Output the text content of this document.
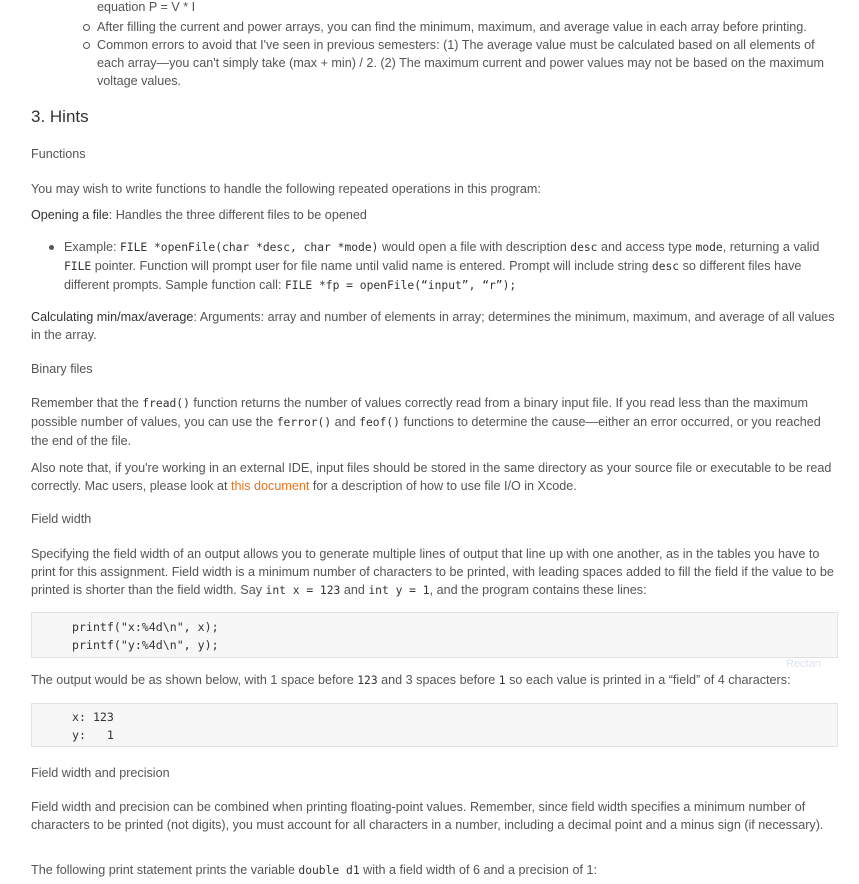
equation P = V * I
After filling the current and power arrays, you can find the minimum, maximum, and average value in each array before printing.
Common errors to avoid that I've seen in previous semesters: (1) The average value must be calculated based on all elements of each array—you can't simply take (max + min) / 2. (2) The maximum current and power values may not be based on the maximum voltage values.
3. Hints
Functions
You may wish to write functions to handle the following repeated operations in this program:
Opening a file: Handles the three different files to be opened
Example: FILE *openFile(char *desc, char *mode) would open a file with description desc and access type mode, returning a valid FILE pointer. Function will prompt user for file name until valid name is entered. Prompt will include string desc so different files have different prompts. Sample function call: FILE *fp = openFile(“input”, “r”);
Calculating min/max/average: Arguments: array and number of elements in array; determines the minimum, maximum, and average of all values in the array.
Binary files
Remember that the fread() function returns the number of values correctly read from a binary input file. If you read less than the maximum possible number of values, you can use the ferror() and feof() functions to determine the cause—either an error occurred, or you reached the end of the file.
Also note that, if you're working in an external IDE, input files should be stored in the same directory as your source file or executable to be read correctly. Mac users, please look at this document for a description of how to use file I/O in Xcode.
Field width
Specifying the field width of an output allows you to generate multiple lines of output that line up with one another, as in the tables you have to print for this assignment. Field width is a minimum number of characters to be printed, with leading spaces added to fill the field if the value to be printed is shorter than the field width. Say int x = 123 and int y = 1, and the program contains these lines:
printf("x:%4d\n", x);
printf("y:%4d\n", y);
Rectan
The output would be as shown below, with 1 space before 123 and 3 spaces before 1 so each value is printed in a “field” of 4 characters:
x: 123
y:   1
Field width and precision
Field width and precision can be combined when printing floating-point values. Remember, since field width specifies a minimum number of characters to be printed (not digits), you must account for all characters in a number, including a decimal point and a minus sign (if necessary).
The following print statement prints the variable double d1 with a field width of 6 and a precision of 1:
